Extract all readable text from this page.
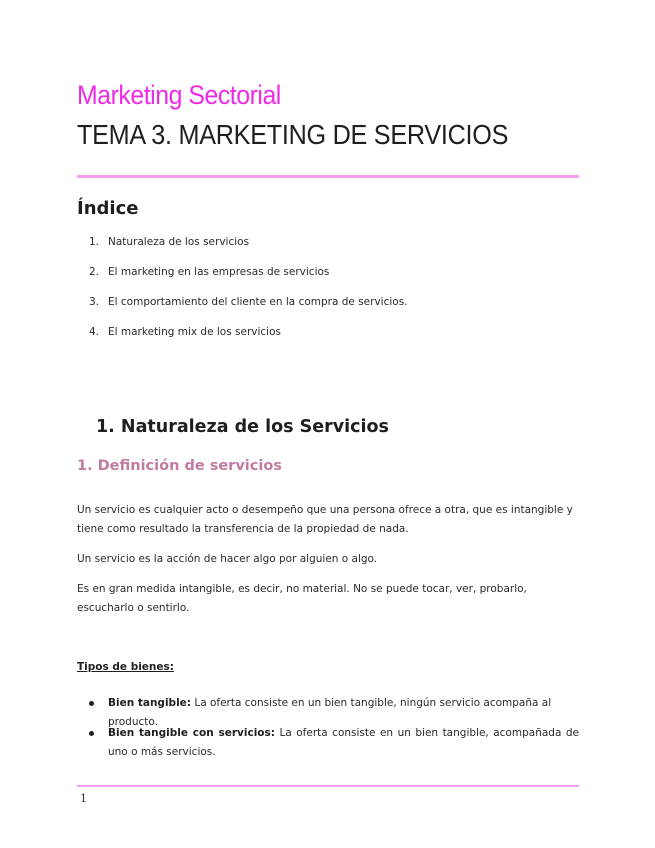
Marketing Sectorial
TEMA 3. MARKETING DE SERVICIOS
Índice
1. Naturaleza de los servicios
2. El marketing en las empresas de servicios
3. El comportamiento del cliente en la compra de servicios.
4. El marketing mix de los servicios
1. Naturaleza de los Servicios
1. Definición de servicios

Un servicio es cualquier acto o desempeño que una persona ofrece a otra, que es intangible y tiene como resultado la transferencia de la propiedad de nada.

Un servicio es la acción de hacer algo por alguien o algo.

Es en gran medida intangible, es decir, no material. No se puede tocar, ver, probarlo, escucharlo o sentirlo.

Tipos de bienes:
Bien tangible: La oferta consiste en un bien tangible, ningún servicio acompaña al producto.
Bien tangible con servicios: La oferta consiste en un bien tangible, acompañada de uno o más servicios.
1
